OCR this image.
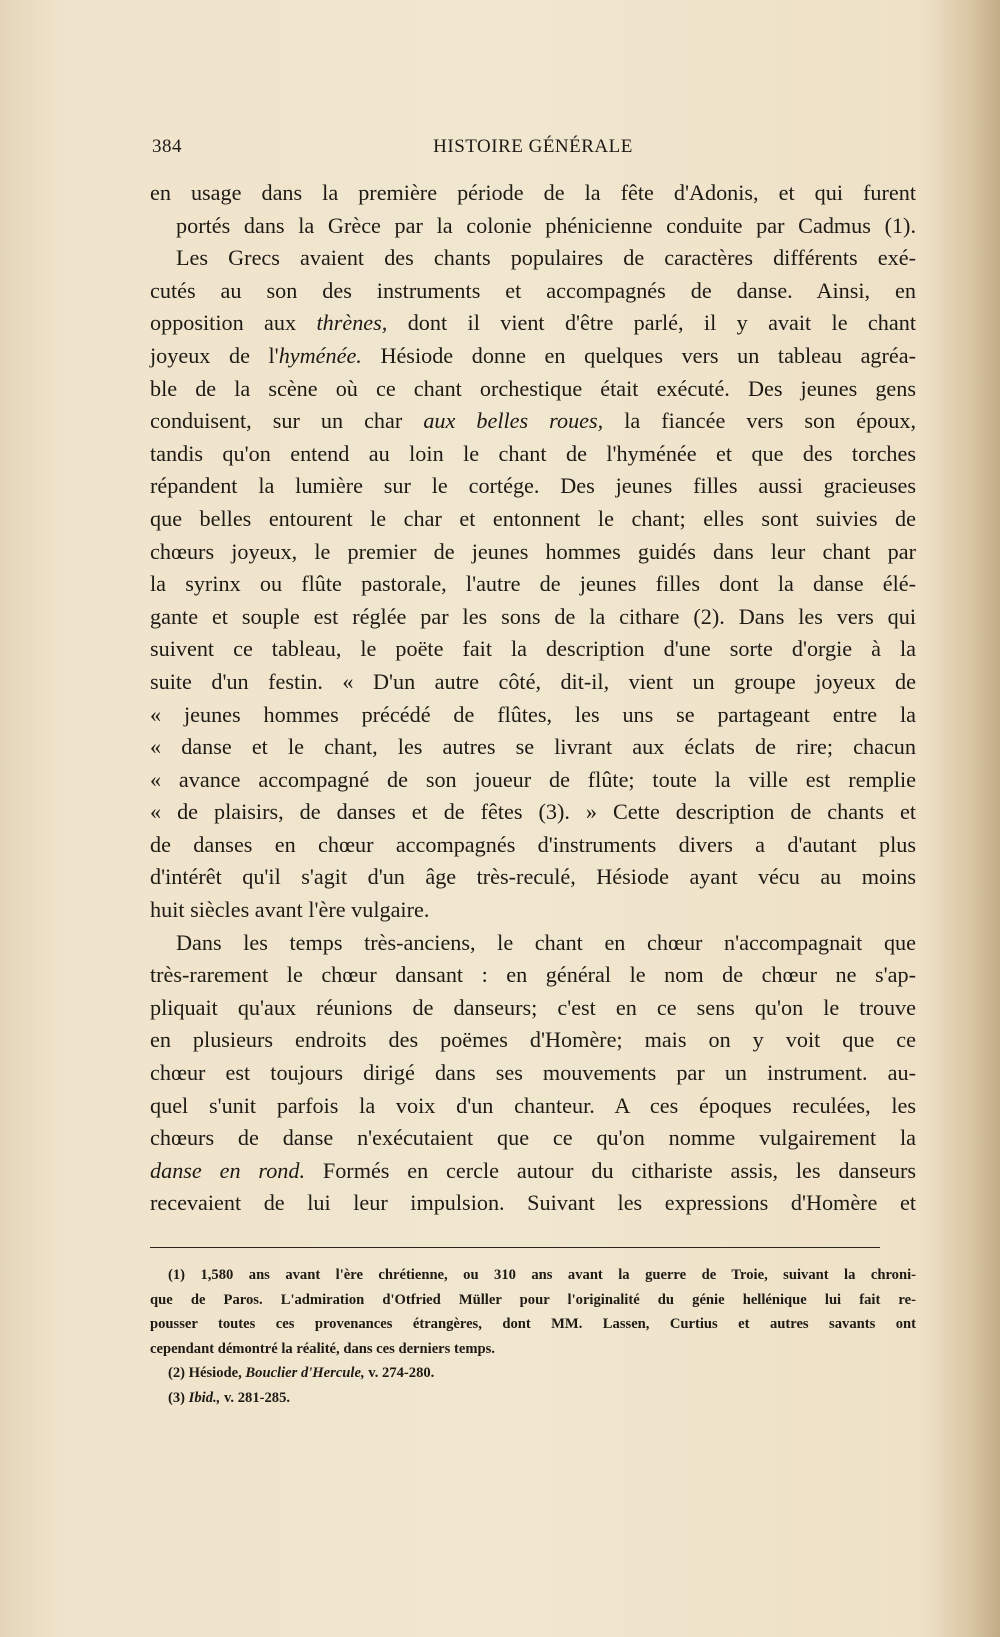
384	HISTOIRE GÉNÉRALE
en usage dans la première période de la fête d'Adonis, et qui furent
portés dans la Grèce par la colonie phénicienne conduite par Cadmus (1).
Les Grecs avaient des chants populaires de caractères différents exé-
cutés au son des instruments et accompagnés de danse. Ainsi, en
opposition aux thrènes, dont il vient d'être parlé, il y avait le chant
joyeux de l'hyménée. Hésiode donne en quelques vers un tableau agréa-
ble de la scène où ce chant orchestique était exécuté. Des jeunes gens
conduisent, sur un char aux belles roues, la fiancée vers son époux,
tandis qu'on entend au loin le chant de l'hyménée et que des torches
répandent la lumière sur le cortége. Des jeunes filles aussi gracieuses
que belles entourent le char et entonnent le chant; elles sont suivies de
chœurs joyeux, le premier de jeunes hommes guidés dans leur chant par
la syrinx ou flûte pastorale, l'autre de jeunes filles dont la danse élé-
gante et souple est réglée par les sons de la cithare (2). Dans les vers qui
suivent ce tableau, le poëte fait la description d'une sorte d'orgie à la
suite d'un festin. « D'un autre côté, dit-il, vient un groupe joyeux de
« jeunes hommes précédé de flûtes, les uns se partageant entre la
« danse et le chant, les autres se livrant aux éclats de rire; chacun
« avance accompagné de son joueur de flûte; toute la ville est remplie
« de plaisirs, de danses et de fêtes (3). » Cette description de chants et
de danses en chœur accompagnés d'instruments divers a d'autant plus
d'intérêt qu'il s'agit d'un âge très-reculé, Hésiode ayant vécu au moins
huit siècles avant l'ère vulgaire.
Dans les temps très-anciens, le chant en chœur n'accompagnait que
très-rarement le chœur dansant : en général le nom de chœur ne s'ap-
pliquait qu'aux réunions de danseurs; c'est en ce sens qu'on le trouve
en plusieurs endroits des poëmes d'Homère; mais on y voit que ce
chœur est toujours dirigé dans ses mouvements par un instrument. au-
quel s'unit parfois la voix d'un chanteur. A ces époques reculées, les
chœurs de danse n'exécutaient que ce qu'on nomme vulgairement la
danse en rond. Formés en cercle autour du cithariste assis, les danseurs
recevaient de lui leur impulsion. Suivant les expressions d'Homère et
(1) 1,580 ans avant l'ère chrétienne, ou 310 ans avant la guerre de Troie, suivant la chroni-
que de Paros. L'admiration d'Otfried Müller pour l'originalité du génie hellénique lui fait re-
pousser toutes ces provenances étrangères, dont MM. Lassen, Curtius et autres savants ont
cependant démontré la réalité, dans ces derniers temps.
(2) Hésiode, Bouclier d'Hercule, v. 274-280.
(3) Ibid., v. 281-285.
